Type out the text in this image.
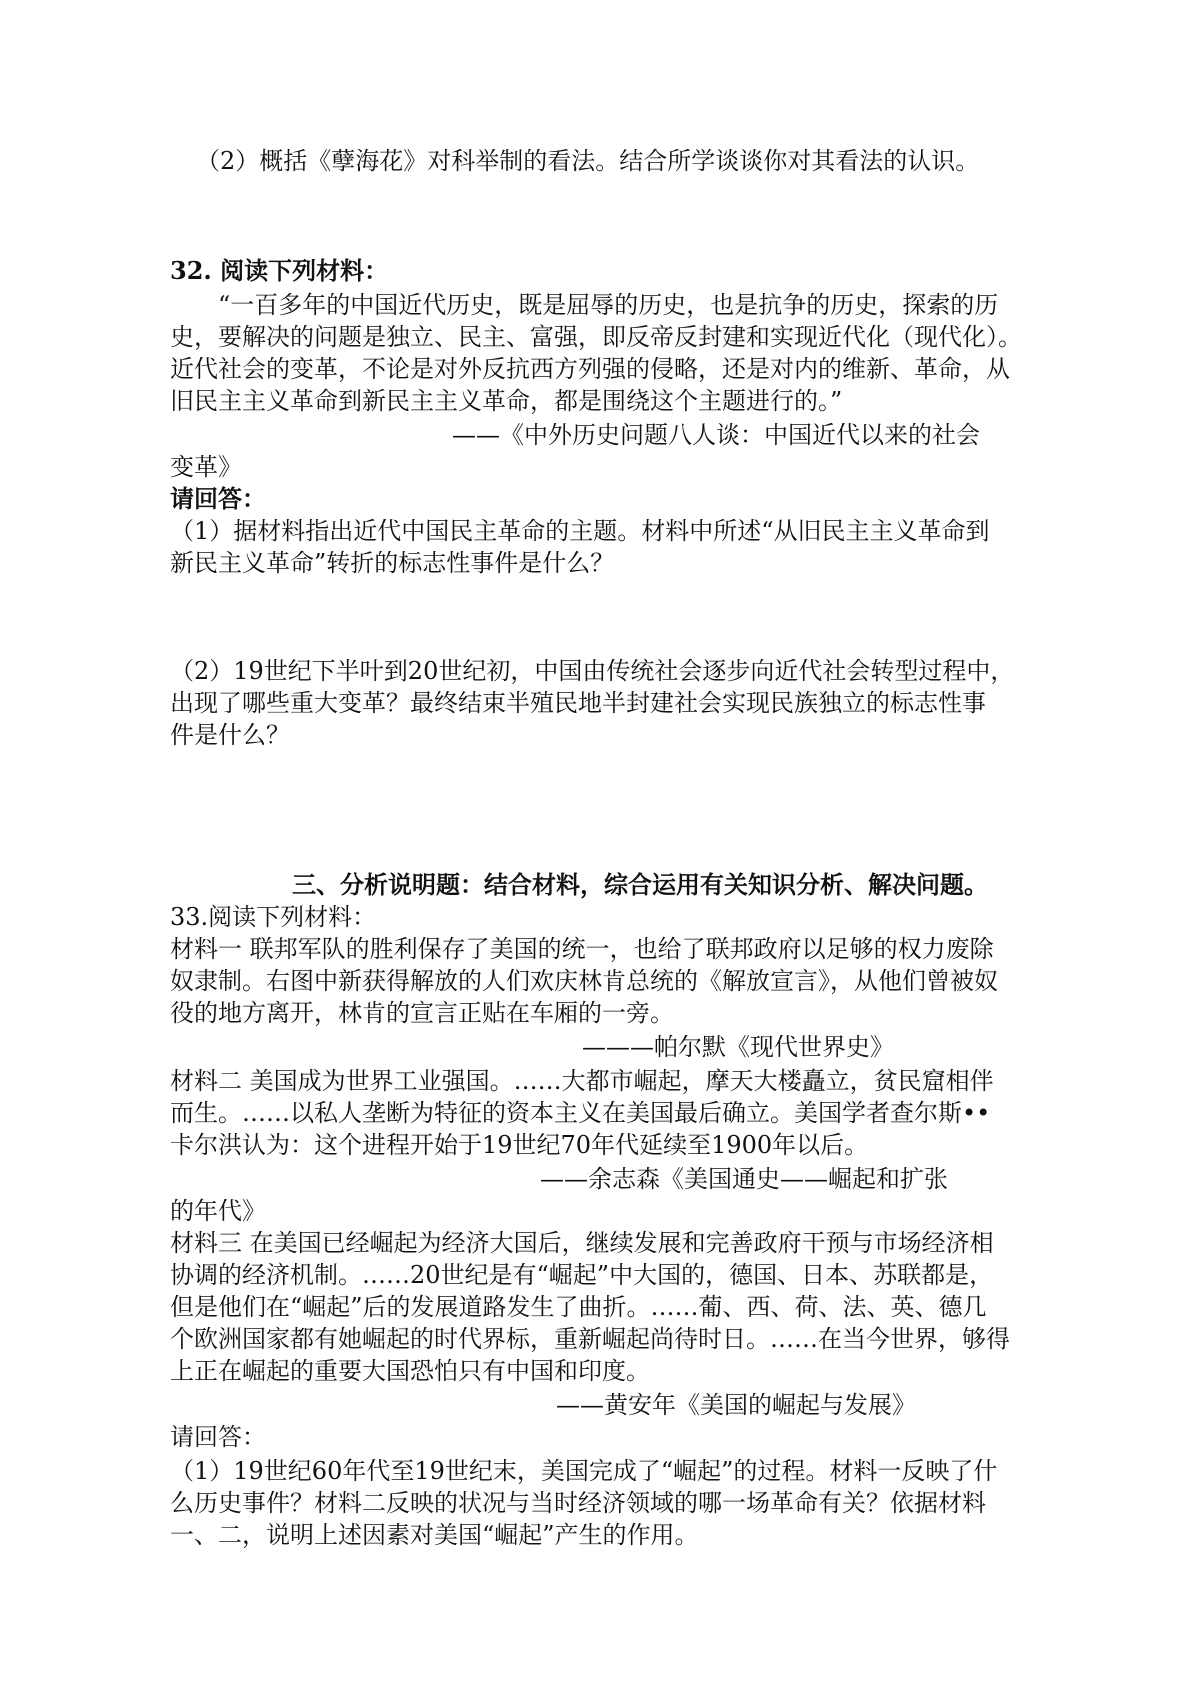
（2）概括《孽海花》对科举制的看法。结合所学谈谈你对其看法的认识。
32. 阅读下列材料：
“一百多年的中国近代历史，既是屈辱的历史，也是抗争的历史，探索的历
史，要解决的问题是独立、民主、富强，即反帝反封建和实现近代化（现代化）。
近代社会的变革，不论是对外反抗西方列强的侵略，还是对内的维新、革命，从
旧民主主义革命到新民主主义革命，都是围绕这个主题进行的。”
——《中外历史问题八人谈：中国近代以来的社会
变革》
请回答：
（1）据材料指出近代中国民主革命的主题。材料中所述“从旧民主主义革命到
新民主义革命”转折的标志性事件是什么？
（2）19世纪下半叶到20世纪初，中国由传统社会逐步向近代社会转型过程中，
出现了哪些重大变革？最终结束半殖民地半封建社会实现民族独立的标志性事
件是什么？
三、分析说明题：结合材料，综合运用有关知识分析、解决问题。
33.阅读下列材料：
材料一 联邦军队的胜利保存了美国的统一，也给了联邦政府以足够的权力废除
奴隶制。右图中新获得解放的人们欢庆林肯总统的《解放宣言》，从他们曾被奴
役的地方离开，林肯的宣言正贴在车厢的一旁。
———帕尔默《现代世界史》
材料二 美国成为世界工业强国。……大都市崛起，摩天大楼矗立，贫民窟相伴
而生。……以私人垄断为特征的资本主义在美国最后确立。美国学者查尔斯••
卡尔洪认为：这个进程开始于19世纪70年代延续至1900年以后。
——余志森《美国通史——崛起和扩张
的年代》
材料三 在美国已经崛起为经济大国后，继续发展和完善政府干预与市场经济相
协调的经济机制。……20世纪是有“崛起”中大国的，德国、日本、苏联都是，
但是他们在“崛起”后的发展道路发生了曲折。……葡、西、荷、法、英、德几
个欧洲国家都有她崛起的时代界标，重新崛起尚待时日。……在当今世界，够得
上正在崛起的重要大国恐怕只有中国和印度。
——黄安年《美国的崛起与发展》
请回答：
（1）19世纪60年代至19世纪末，美国完成了“崛起”的过程。材料一反映了什
么历史事件？材料二反映的状况与当时经济领域的哪一场革命有关？依据材料
一、二，说明上述因素对美国“崛起”产生的作用。
